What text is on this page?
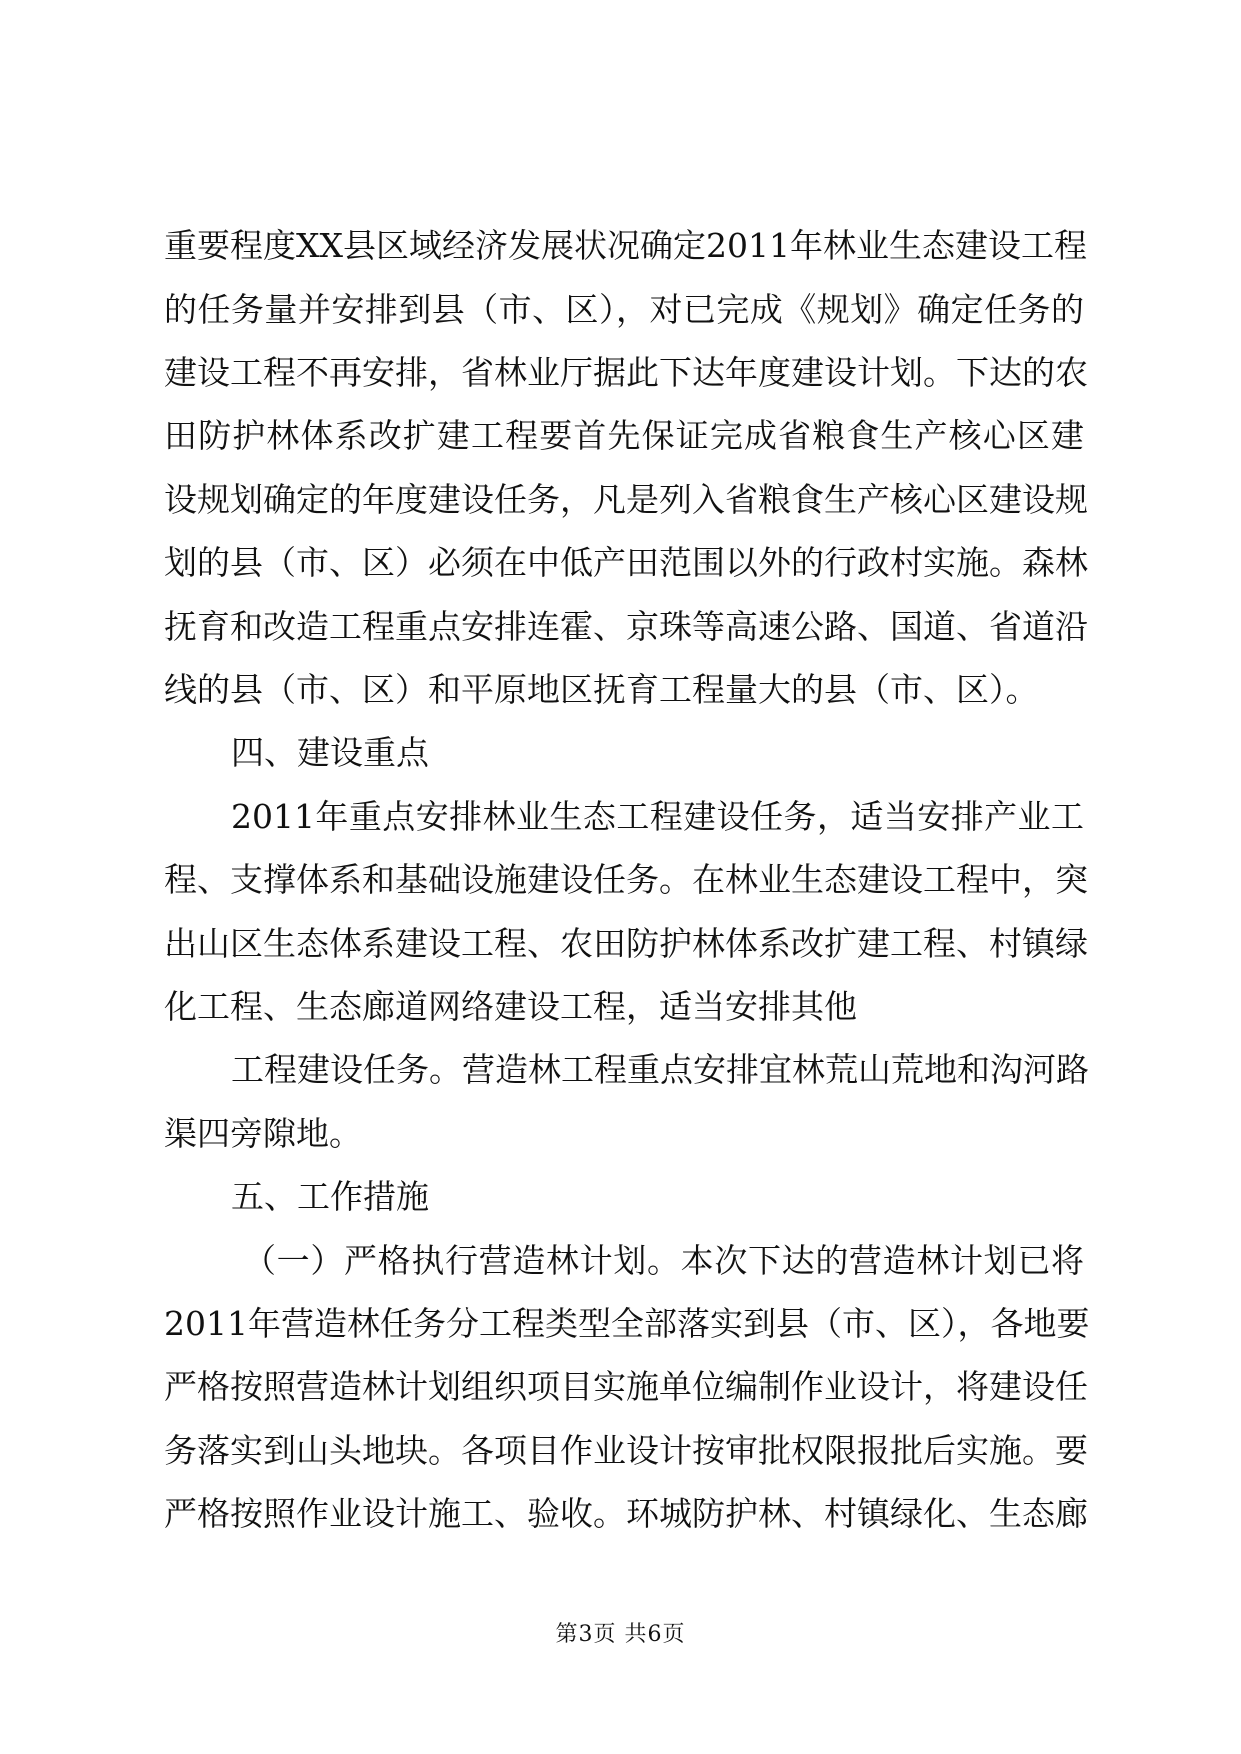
重要程度XX县区域经济发展状况确定2011年林业生态建设工程
的任务量并安排到县（市、区），对已完成《规划》确定任务的
建设工程不再安排，省林业厅据此下达年度建设计划。下达的农
田防护林体系改扩建工程要首先保证完成省粮食生产核心区建
设规划确定的年度建设任务，凡是列入省粮食生产核心区建设规
划的县（市、区）必须在中低产田范围以外的行政村实施。森林
抚育和改造工程重点安排连霍、京珠等高速公路、国道、省道沿
线的县（市、区）和平原地区抚育工程量大的县（市、区）。
四、建设重点
2011年重点安排林业生态工程建设任务，适当安排产业工
程、支撑体系和基础设施建设任务。在林业生态建设工程中，突
出山区生态体系建设工程、农田防护林体系改扩建工程、村镇绿
化工程、生态廊道网络建设工程，适当安排其他
工程建设任务。营造林工程重点安排宜林荒山荒地和沟河路
渠四旁隙地。
五、工作措施
（一）严格执行营造林计划。本次下达的营造林计划已将
2011年营造林任务分工程类型全部落实到县（市、区），各地要
严格按照营造林计划组织项目实施单位编制作业设计，将建设任
务落实到山头地块。各项目作业设计按审批权限报批后实施。要
严格按照作业设计施工、验收。环城防护林、村镇绿化、生态廊
第3页 共6页
